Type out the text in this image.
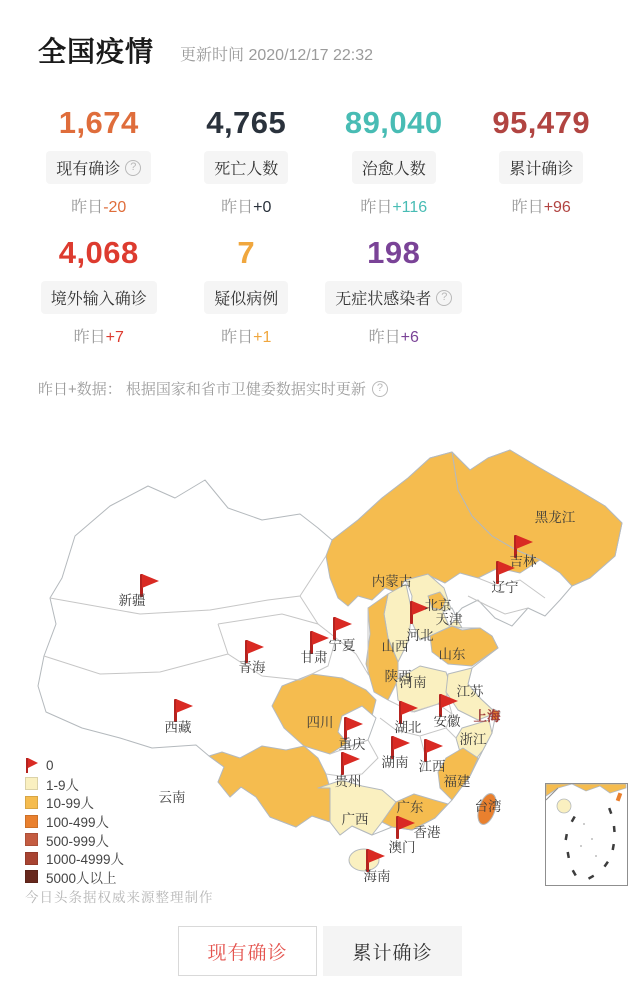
全国疫情 更新时间 2020/12/17 22:32
1,674
现有确诊
?
昨日-20
4,765
死亡人数
昨日+0
89,040
治愈人数
昨日+116
95,479
累计确诊
昨日+96
4,068
境外输入确诊
昨日+7
7
疑似病例
昨日+1
198
无症状感染者
?
昨日+6
昨日+数据： 根据国家和省市卫健委数据实时更新
?
新疆
西藏
青海
甘肃
宁夏
内蒙古
黑龙江
吉林
辽宁
北京
天津
河北
山西
山东
陕西
河南
江苏
上海
安徽
湖北
浙江
四川
重庆
湖南 江西
贵州
云南
福建
广西
广东	台湾
香港
澳门
海南
0
1-9人
10-99人
100-499人
500-999人
1000-4999人
5000人以上
今日头条据权威来源整理制作
现有确诊	累计确诊
